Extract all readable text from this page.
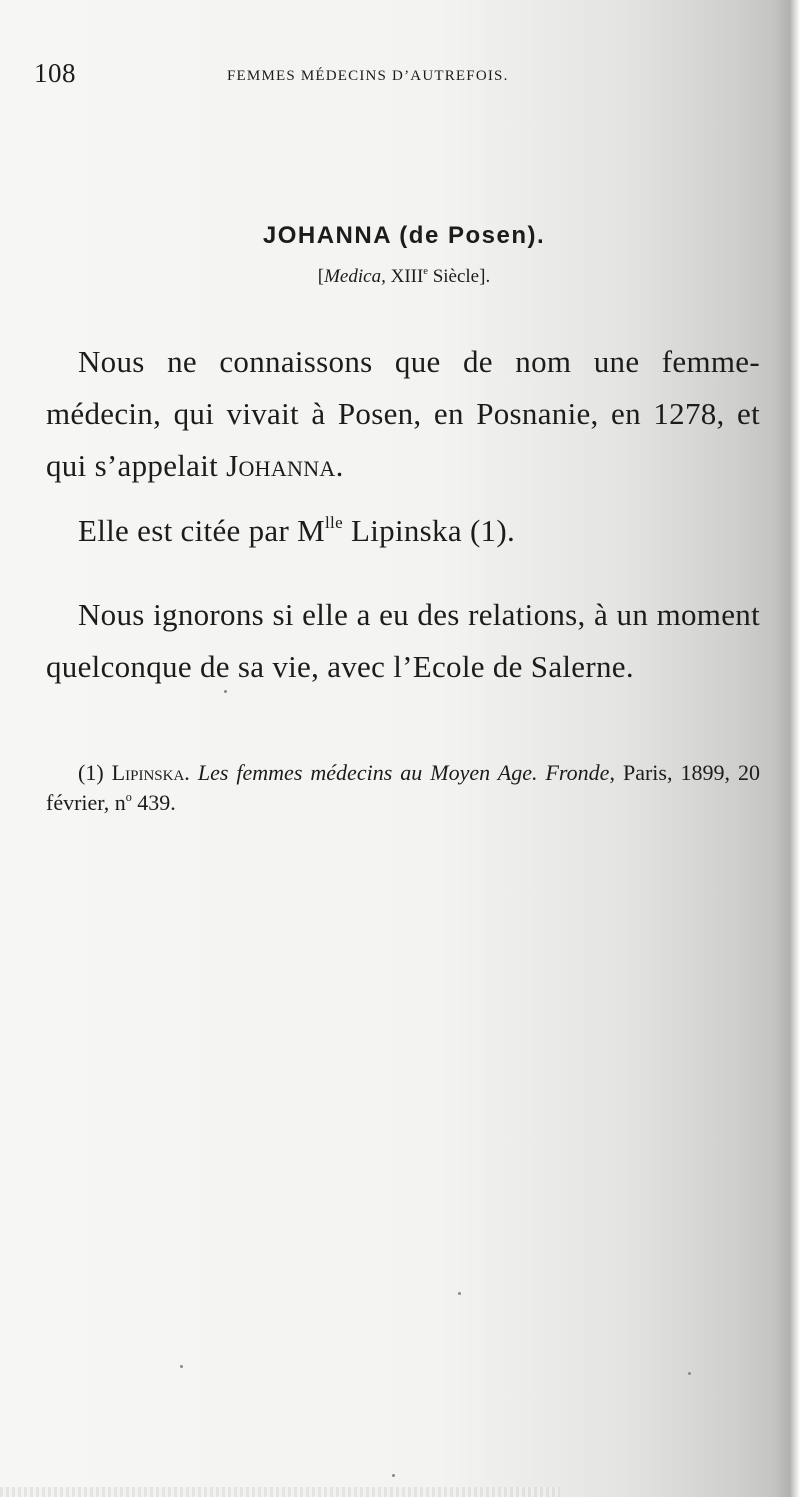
108	FEMMES MÉDECINS D’AUTREFOIS.
JOHANNA (de Posen).
[Medica, XIIIe Siècle].
Nous ne connaissons que de nom une femme-médecin, qui vivait à Posen, en Posnanie, en 1278, et qui s’appelait Johanna.
Elle est citée par $M^{lle}$ Lipinska (1).
Nous ignorons si elle a eu des relations, à un moment quelconque de sa vie, avec l’Ecole de Salerne.
(1) Lipinska. Les femmes médecins au Moyen Age. Fronde, Paris, 1899, 20 février, $n^o$ 439.
